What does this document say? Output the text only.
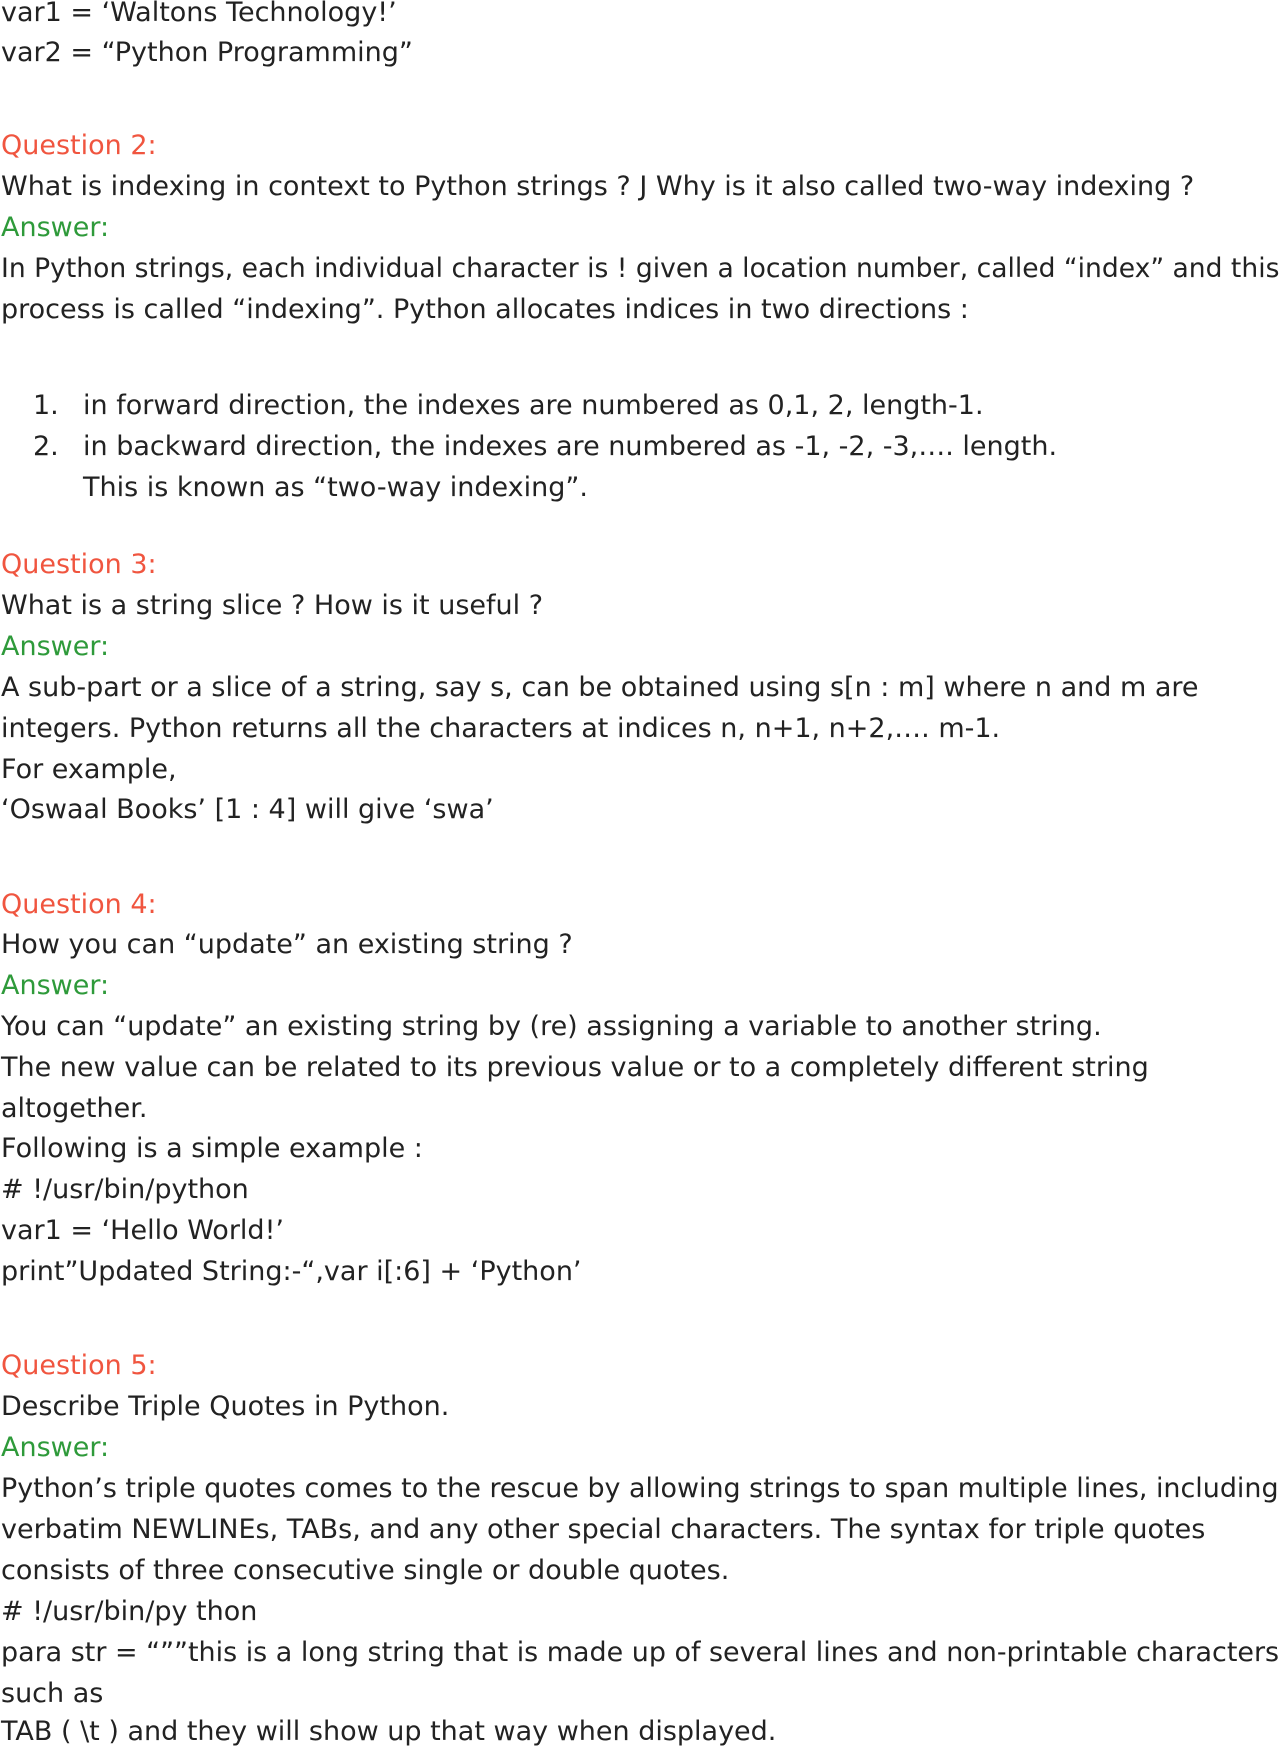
var1 = ‘Waltons Technology!’

var2 = “Python Programming”

Question 2:

What is indexing in context to Python strings ? J Why is it also called two-way indexing ?

Answer:

In Python strings, each individual character is ! given a location number, called “index” and this

process is called “indexing”. Python allocates indices in two directions :

1. in forward direction, the indexes are numbered as 0,1, 2, length-1.
2. in backward direction, the indexes are numbered as -1, -2, -3,…. length.
This is known as “two-way indexing”.

Question 3:

What is a string slice ? How is it useful ?

Answer:

A sub-part or a slice of a string, say s, can be obtained using s[n : m] where n and m are

integers. Python returns all the characters at indices n, n+1, n+2,…. m-1.

For example,

‘Oswaal Books’ [1 : 4] will give ‘swa’

Question 4:

How you can “update” an existing string ?

Answer:

You can “update” an existing string by (re) assigning a variable to another string.

The new value can be related to its previous value or to a completely different string

altogether.

Following is a simple example :

# !/usr/bin/python

var1 = ‘Hello World!’

print”Updated String:-“,var i[:6] + ‘Python’

Question 5:

Describe Triple Quotes in Python.

Answer:

Python’s triple quotes comes to the rescue by allowing strings to span multiple lines, including

verbatim NEWLINEs, TABs, and any other special characters. The syntax for triple quotes

consists of three consecutive single or double quotes.

# !/usr/bin/py thon

para str = “””this is a long string that is made up of several lines and non-printable characters

such as

TAB ( \t ) and they will show up that way when displayed.
